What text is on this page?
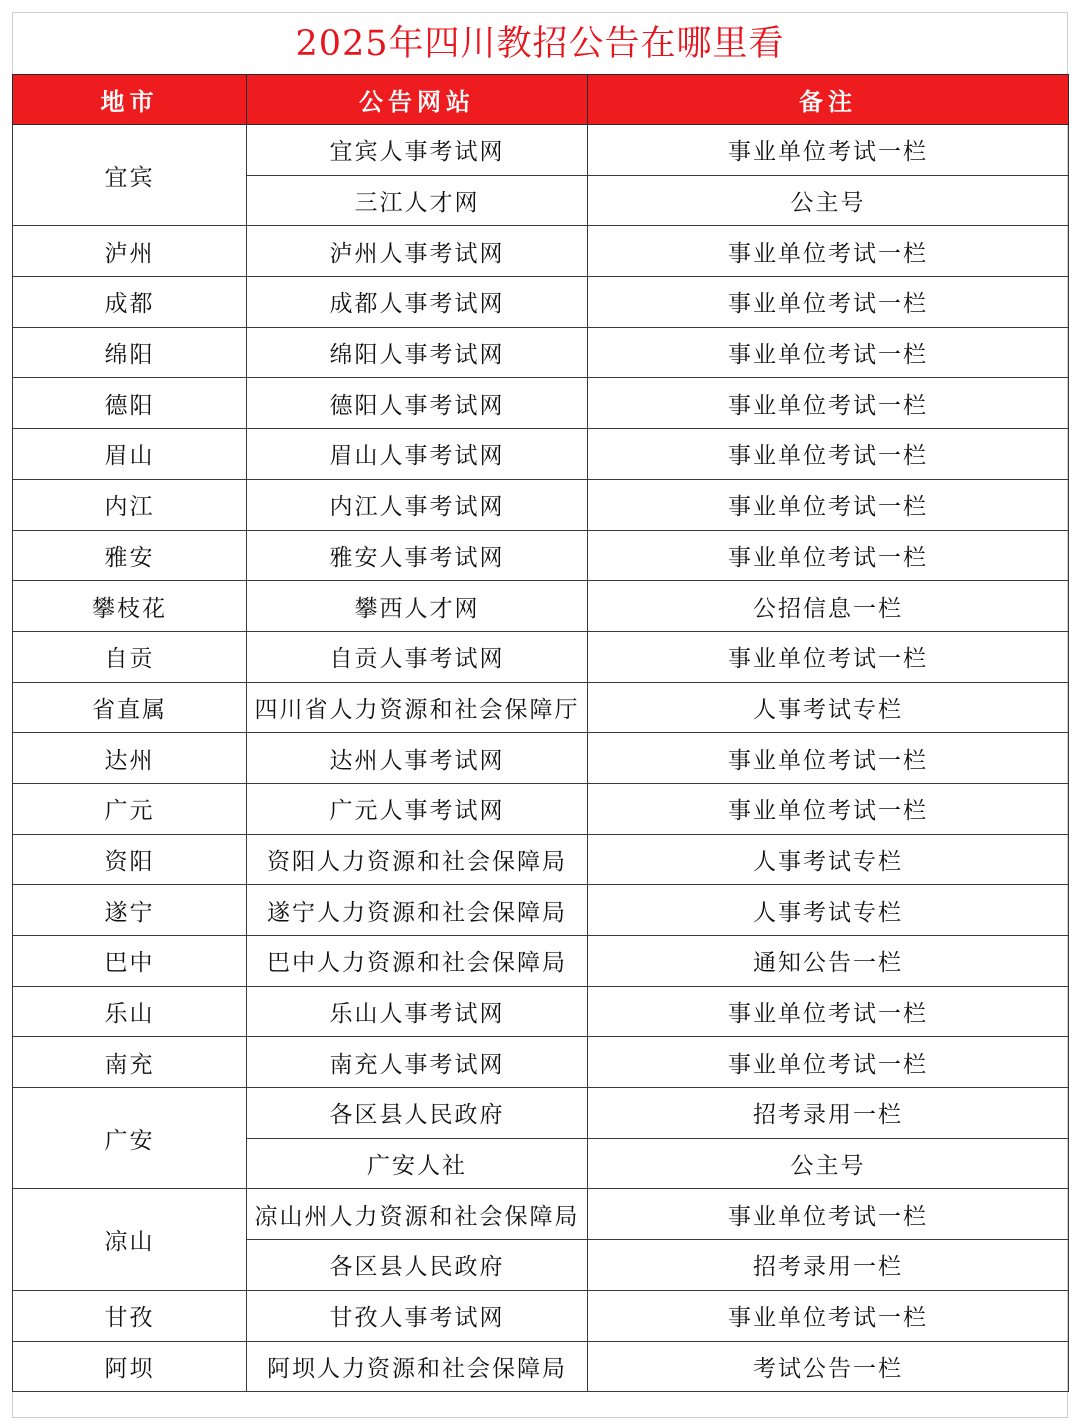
2025年四川教招公告在哪里看
地市	公告网站	备注
宜宾	宜宾人事考试网	事业单位考试一栏
	三江人才网	公主号
泸州	泸州人事考试网	事业单位考试一栏
成都	成都人事考试网	事业单位考试一栏
绵阳	绵阳人事考试网	事业单位考试一栏
德阳	德阳人事考试网	事业单位考试一栏
眉山	眉山人事考试网	事业单位考试一栏
内江	内江人事考试网	事业单位考试一栏
雅安	雅安人事考试网	事业单位考试一栏
攀枝花	攀西人才网	公招信息一栏
自贡	自贡人事考试网	事业单位考试一栏
省直属	四川省人力资源和社会保障厅	人事考试专栏
达州	达州人事考试网	事业单位考试一栏
广元	广元人事考试网	事业单位考试一栏
资阳	资阳人力资源和社会保障局	人事考试专栏
遂宁	遂宁人力资源和社会保障局	人事考试专栏
巴中	巴中人力资源和社会保障局	通知公告一栏
乐山	乐山人事考试网	事业单位考试一栏
南充	南充人事考试网	事业单位考试一栏
广安	各区县人民政府	招考录用一栏
	广安人社	公主号
凉山	凉山州人力资源和社会保障局	事业单位考试一栏
	各区县人民政府	招考录用一栏
甘孜	甘孜人事考试网	事业单位考试一栏
阿坝	阿坝人力资源和社会保障局	考试公告一栏
